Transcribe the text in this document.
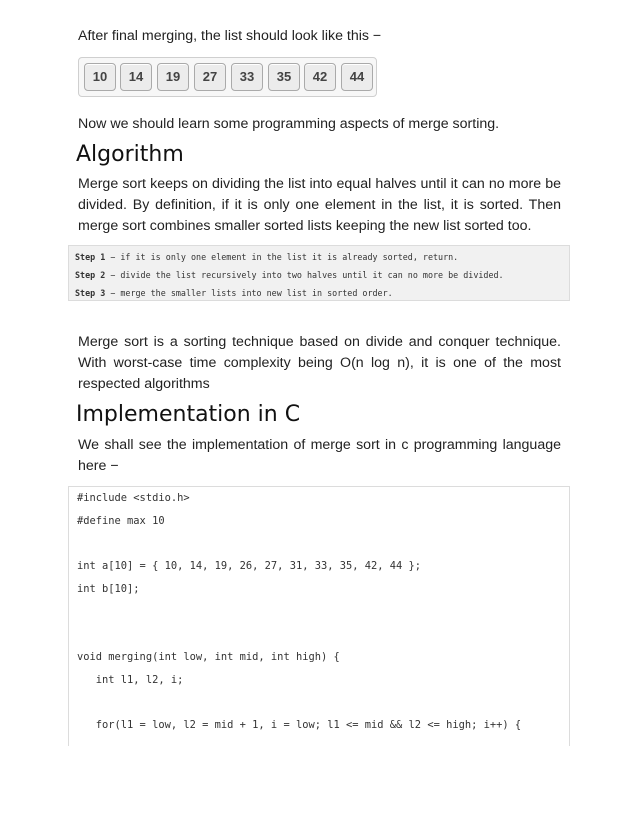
After final merging, the list should look like this −

10	14	19	27	33	35	42	44

Now we should learn some programming aspects of merge sorting.

Algorithm

Merge sort keeps on dividing the list into equal halves until it can no more be divided. By definition, if it is only one element in the list, it is sorted. Then merge sort combines smaller sorted lists keeping the new list sorted too.

Step 1 − if it is only one element in the list it is already sorted, return.
Step 2 − divide the list recursively into two halves until it can no more be divided.
Step 3 − merge the smaller lists into new list in sorted order.

Merge sort is a sorting technique based on divide and conquer technique. With worst-case time complexity being O(n log n), it is one of the most respected algorithms

Implementation in C

We shall see the implementation of merge sort in c programming language here −

#include <stdio.h>
#define max 10
int a[10] = { 10, 14, 19, 26, 27, 31, 33, 35, 42, 44 };
int b[10];
void merging(int low, int mid, int high) {
int l1, l2, i;
for(l1 = low, l2 = mid + 1, i = low; l1 <= mid && l2 <= high; i++) {
